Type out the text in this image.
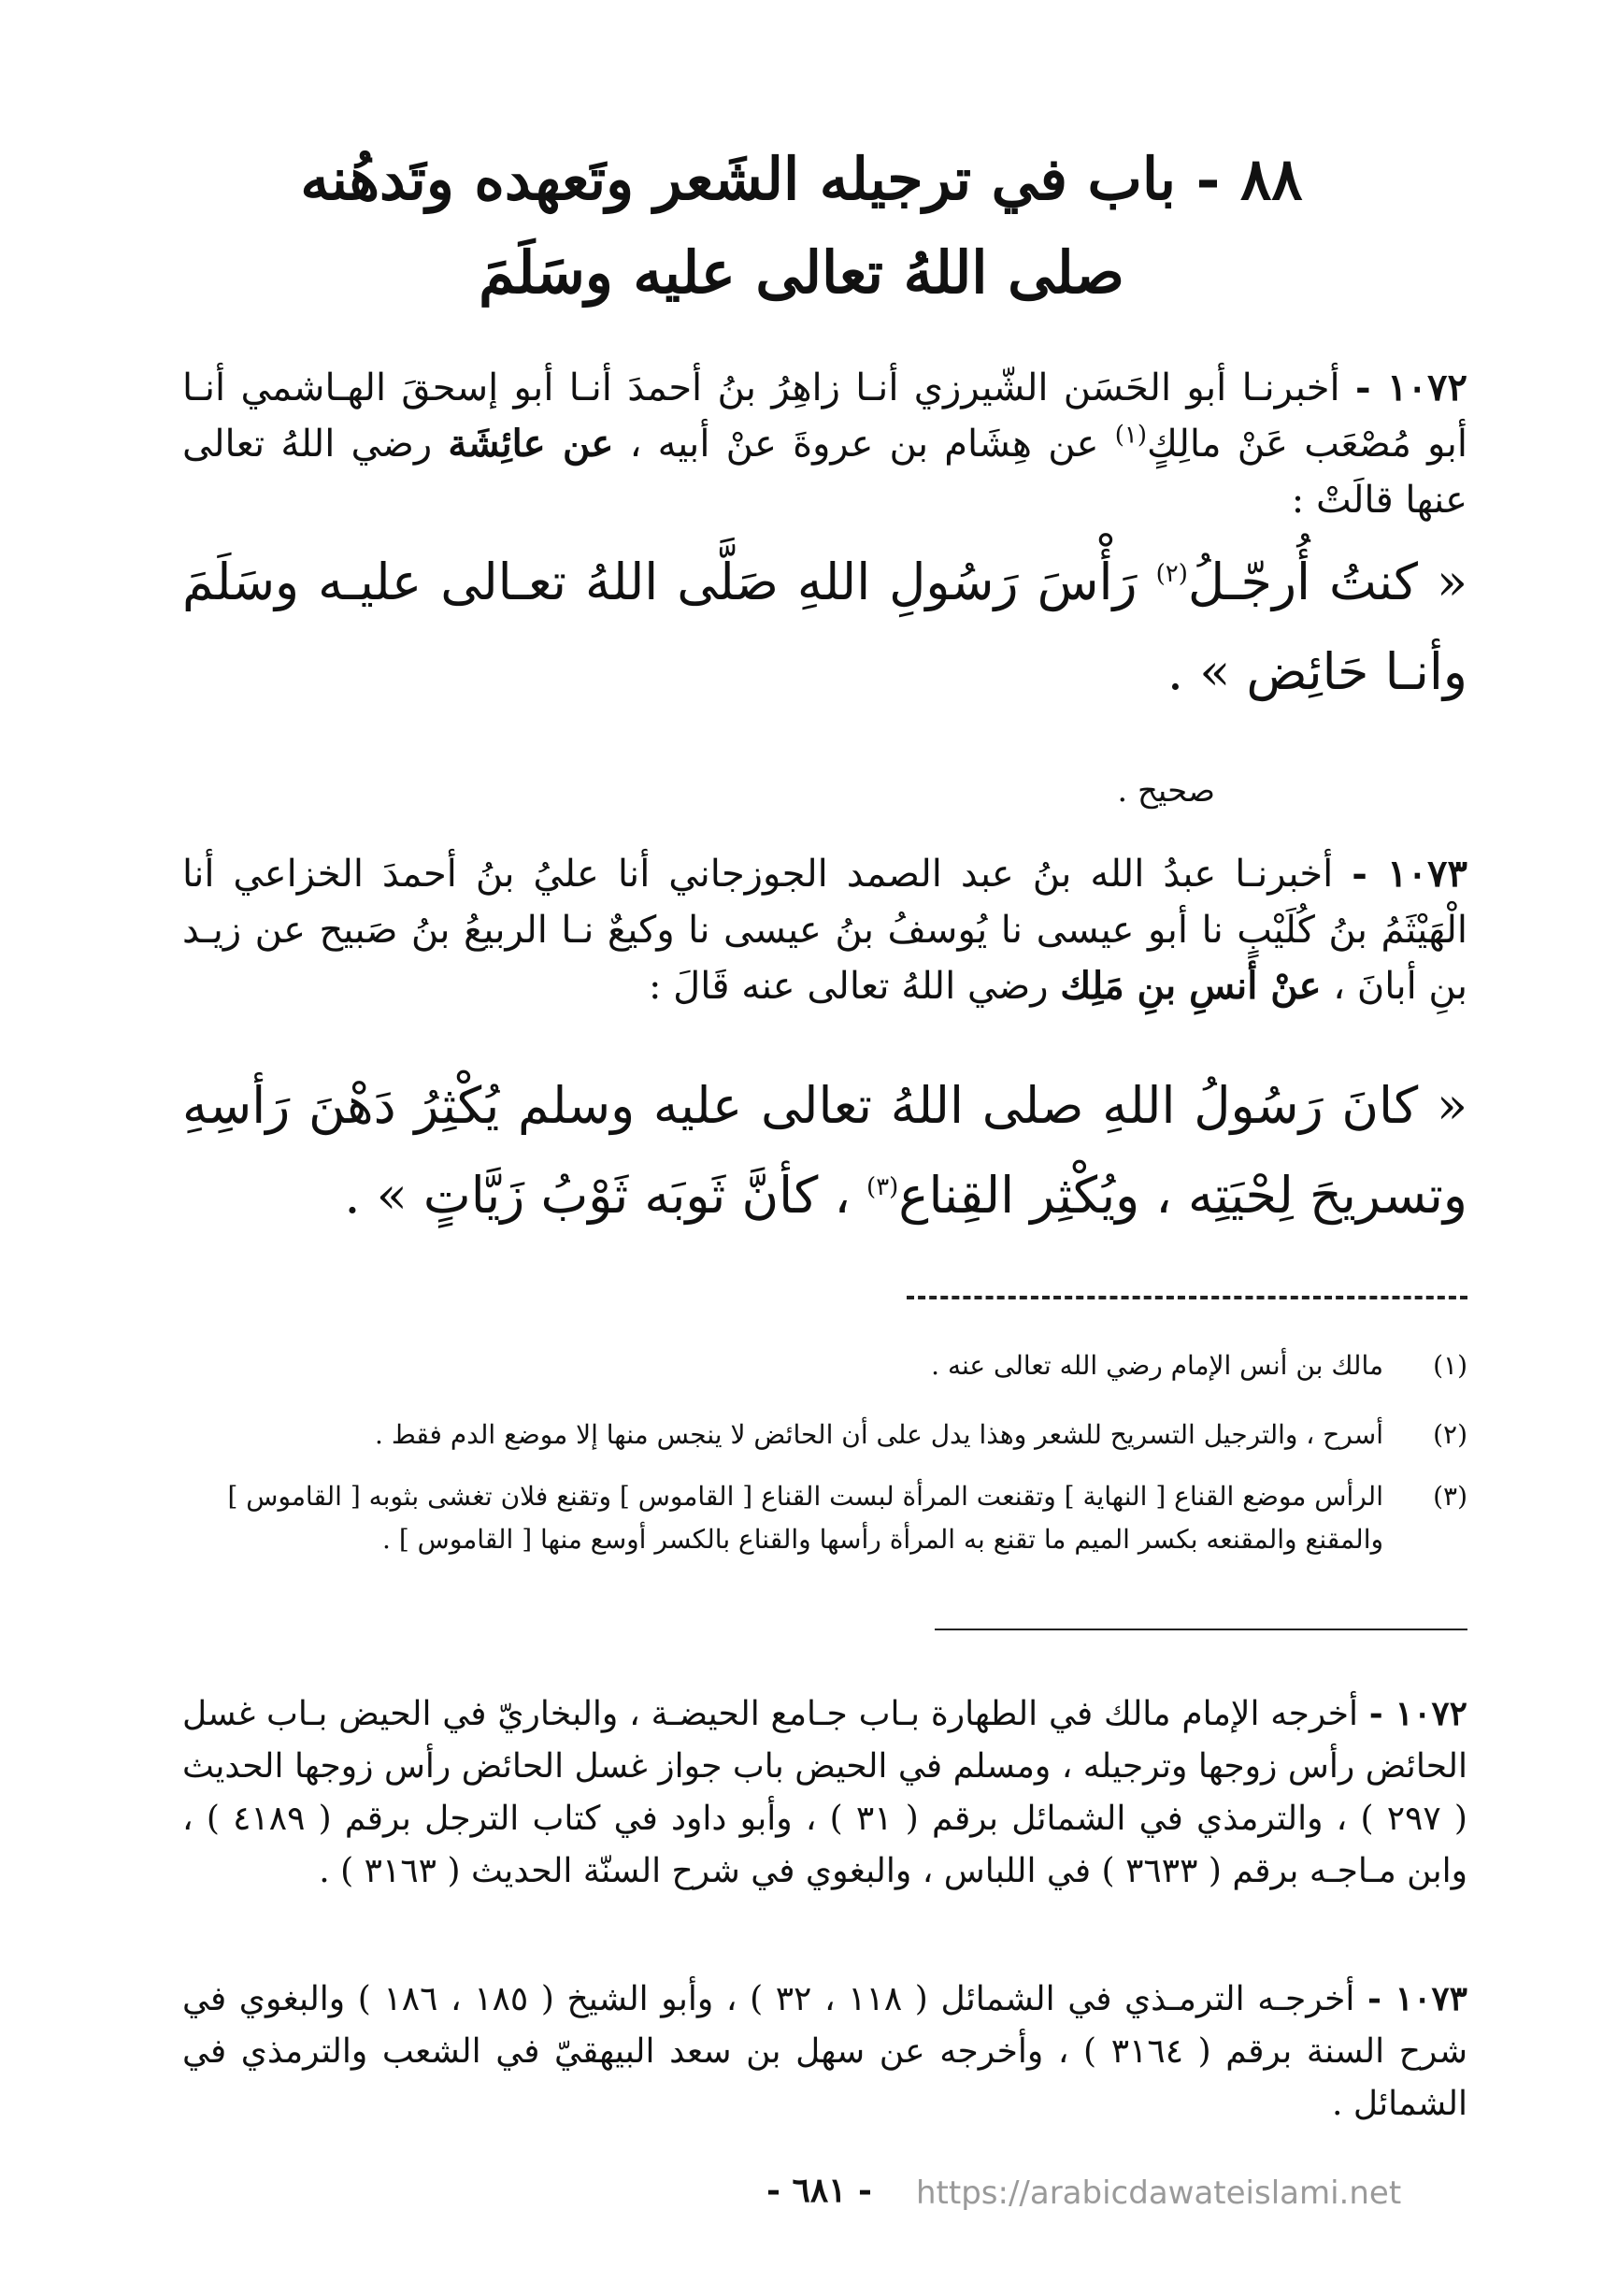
٨٨ - باب في ترجيله الشَعر وتَعهده وتَدهُنه
صلى اللهُ تعالى عليه وسَلَمَ
١٠٧٢ - أخبرنـا أبو الحَسَن الشّيرزي أنـا زاهِرُ بنُ أحمدَ أنـا أبو إسحقَ الهـاشمي أنـا أبو مُصْعَب عَنْ مالِكٍ$^{(١)}$ عن هِشَام بن عروةَ عنْ أبيه ، عن عائِشَة رضي اللهُ تعالى عنها قالَتْ :
« كنتُ أُرجّـلُ$^{(٢)}$ رَأْسَ رَسُولِ اللهِ صَلَّى اللهُ تعـالى عليـه وسَلَمَ وأنـا حَائِض » .
صحيح .
١٠٧٣ - أخبرنـا عبدُ الله بنُ عبد الصمد الجوزجاني أنا عليُ بنُ أحمدَ الخزاعي أنا الْهَيْثَمُ بنُ كُلَيْبٍ نا أبو عيسى نا يُوسفُ بنُ عيسى نا وكيعٌ نـا الربيعُ بنُ صَبيح عن زيـد بنِ أبانَ ، عنْ أنسِ بنِ مَلِك رضي اللهُ تعالى عنه قَالَ :
« كانَ رَسُولُ اللهِ صلى اللهُ تعالى عليه وسلم يُكْثِرُ دَهْنَ رَأسِهِ وتسريحَ لِحْيَتِه ، ويُكْثِر القِناع$^{(٣)}$ ، كأنَّ ثَوبَه ثَوْبُ زَيَّاتٍ » .
(١)
مالك بن أنس الإمام رضي الله تعالى عنه .
(٢)
أسرح ، والترجيل التسريح للشعر وهذا يدل على أن الحائض لا ينجس منها إلا موضع الدم فقط .
(٣)
الرأس موضع القناع [ النهاية ] وتقنعت المرأة لبست القناع [ القاموس ] وتقنع فلان تغشى بثوبه [ القاموس ] والمقنع والمقنعه بكسر الميم ما تقنع به المرأة رأسها والقناع بالكسر أوسع منها [ القاموس ] .
١٠٧٢ - أخرجه الإمام مالك في الطهارة بـاب جـامع الحيضـة ، والبخاريّ في الحيض بـاب غسل الحائض رأس زوجها وترجيله ، ومسلم في الحيض باب جواز غسل الحائض رأس زوجها الحديث ( ٢٩٧ ) ، والترمذي في الشمائل برقم ( ٣١ ) ، وأبو داود في كتاب الترجل برقم ( ٤١٨٩ ) ، وابن مـاجـه برقم ( ٣٦٣٣ ) في اللباس ، والبغوي في شرح السنّة الحديث ( ٣١٦٣ ) .
١٠٧٣ - أخرجـه الترمـذي في الشمائل ( ١١٨ ، ٣٢ ) ، وأبو الشيخ ( ١٨٥ ، ١٨٦ ) والبغوي في شرح السنة برقم ( ٣١٦٤ ) ، وأخرجه عن سهل بن سعد البيهقيّ في الشعب والترمذي في الشمائل .
- ٦٨١ - https://arabicdawateislami.net
